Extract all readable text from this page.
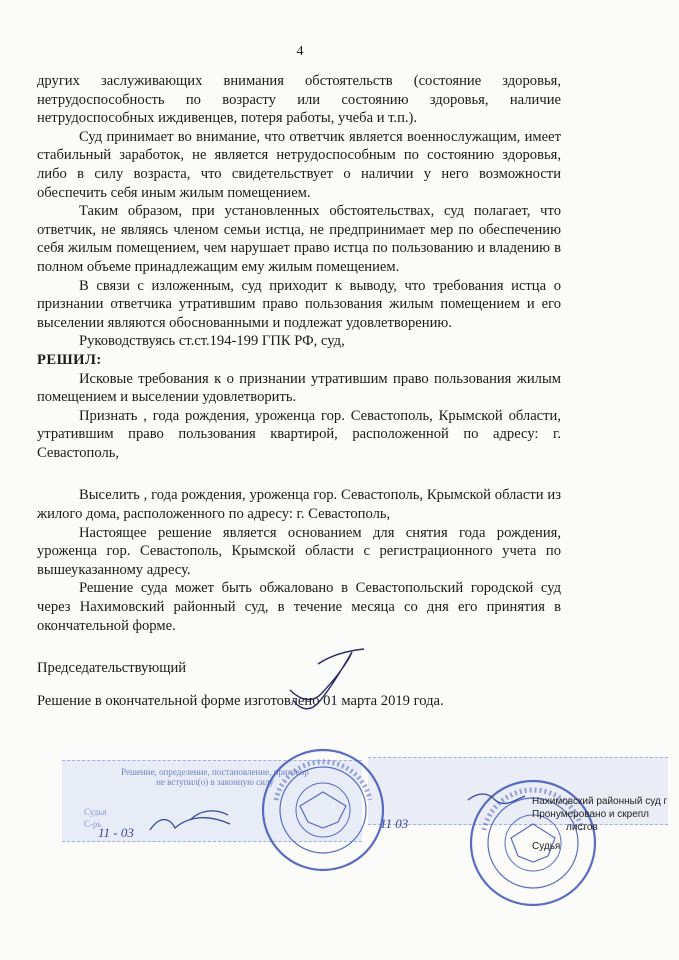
4

других заслуживающих внимания обстоятельств (состояние здоровья, нетрудоспособность по возрасту или состоянию здоровья, наличие нетрудоспособных иждивенцев, потеря работы, учеба и т.п.).

Суд принимает во внимание, что ответчик является военнослужащим, имеет стабильный заработок, не является нетрудоспособным по состоянию здоровья, либо в силу возраста, что свидетельствует о наличии у него возможности обеспечить себя иным жилым помещением.

Таким образом, при установленных обстоятельствах, суд полагает, что ответчик, не являясь членом семьи истца, не предпринимает мер по обеспечению себя жилым помещением, чем нарушает право истца по пользованию и владению в полном объеме принадлежащим ему жилым помещением.

В связи с изложенным, суд приходит к выводу, что требования истца о признании ответчика утратившим право пользования жилым помещением и его выселении являются обоснованными и подлежат удовлетворению.

Руководствуясь ст.ст.194-199 ГПК РФ, суд,

РЕШИЛ:

Исковые требования к о признании утратившим право пользования жилым помещением и выселении удовлетворить.

Признать , года рождения, уроженца гор. Севастополь, Крымской области, утратившим право пользования квартирой, расположенной по адресу: г. Севастополь,

Выселить , года рождения, уроженца гор. Севастополь, Крымской области из жилого дома, расположенного по адресу: г. Севастополь,

Настоящее решение является основанием для снятия года рождения, уроженца гор. Севастополь, Крымской области с регистрационного учета по вышеуказанному адресу.

Решение суда может быть обжаловано в Севастопольский городской суд через Нахимовский районный суд, в течение месяца со дня его принятия в окончательной форме.

Председательствующий

Решение в окончательной форме изготовлено 01 марта 2019 года.

Решение, определение, постановление, приговор не вступил(о) в законную силу
Судья
С-рь
11 - 03
11 03
Нахимовский районный суд г
Пронумеровано и скрепл
листов
Судья
